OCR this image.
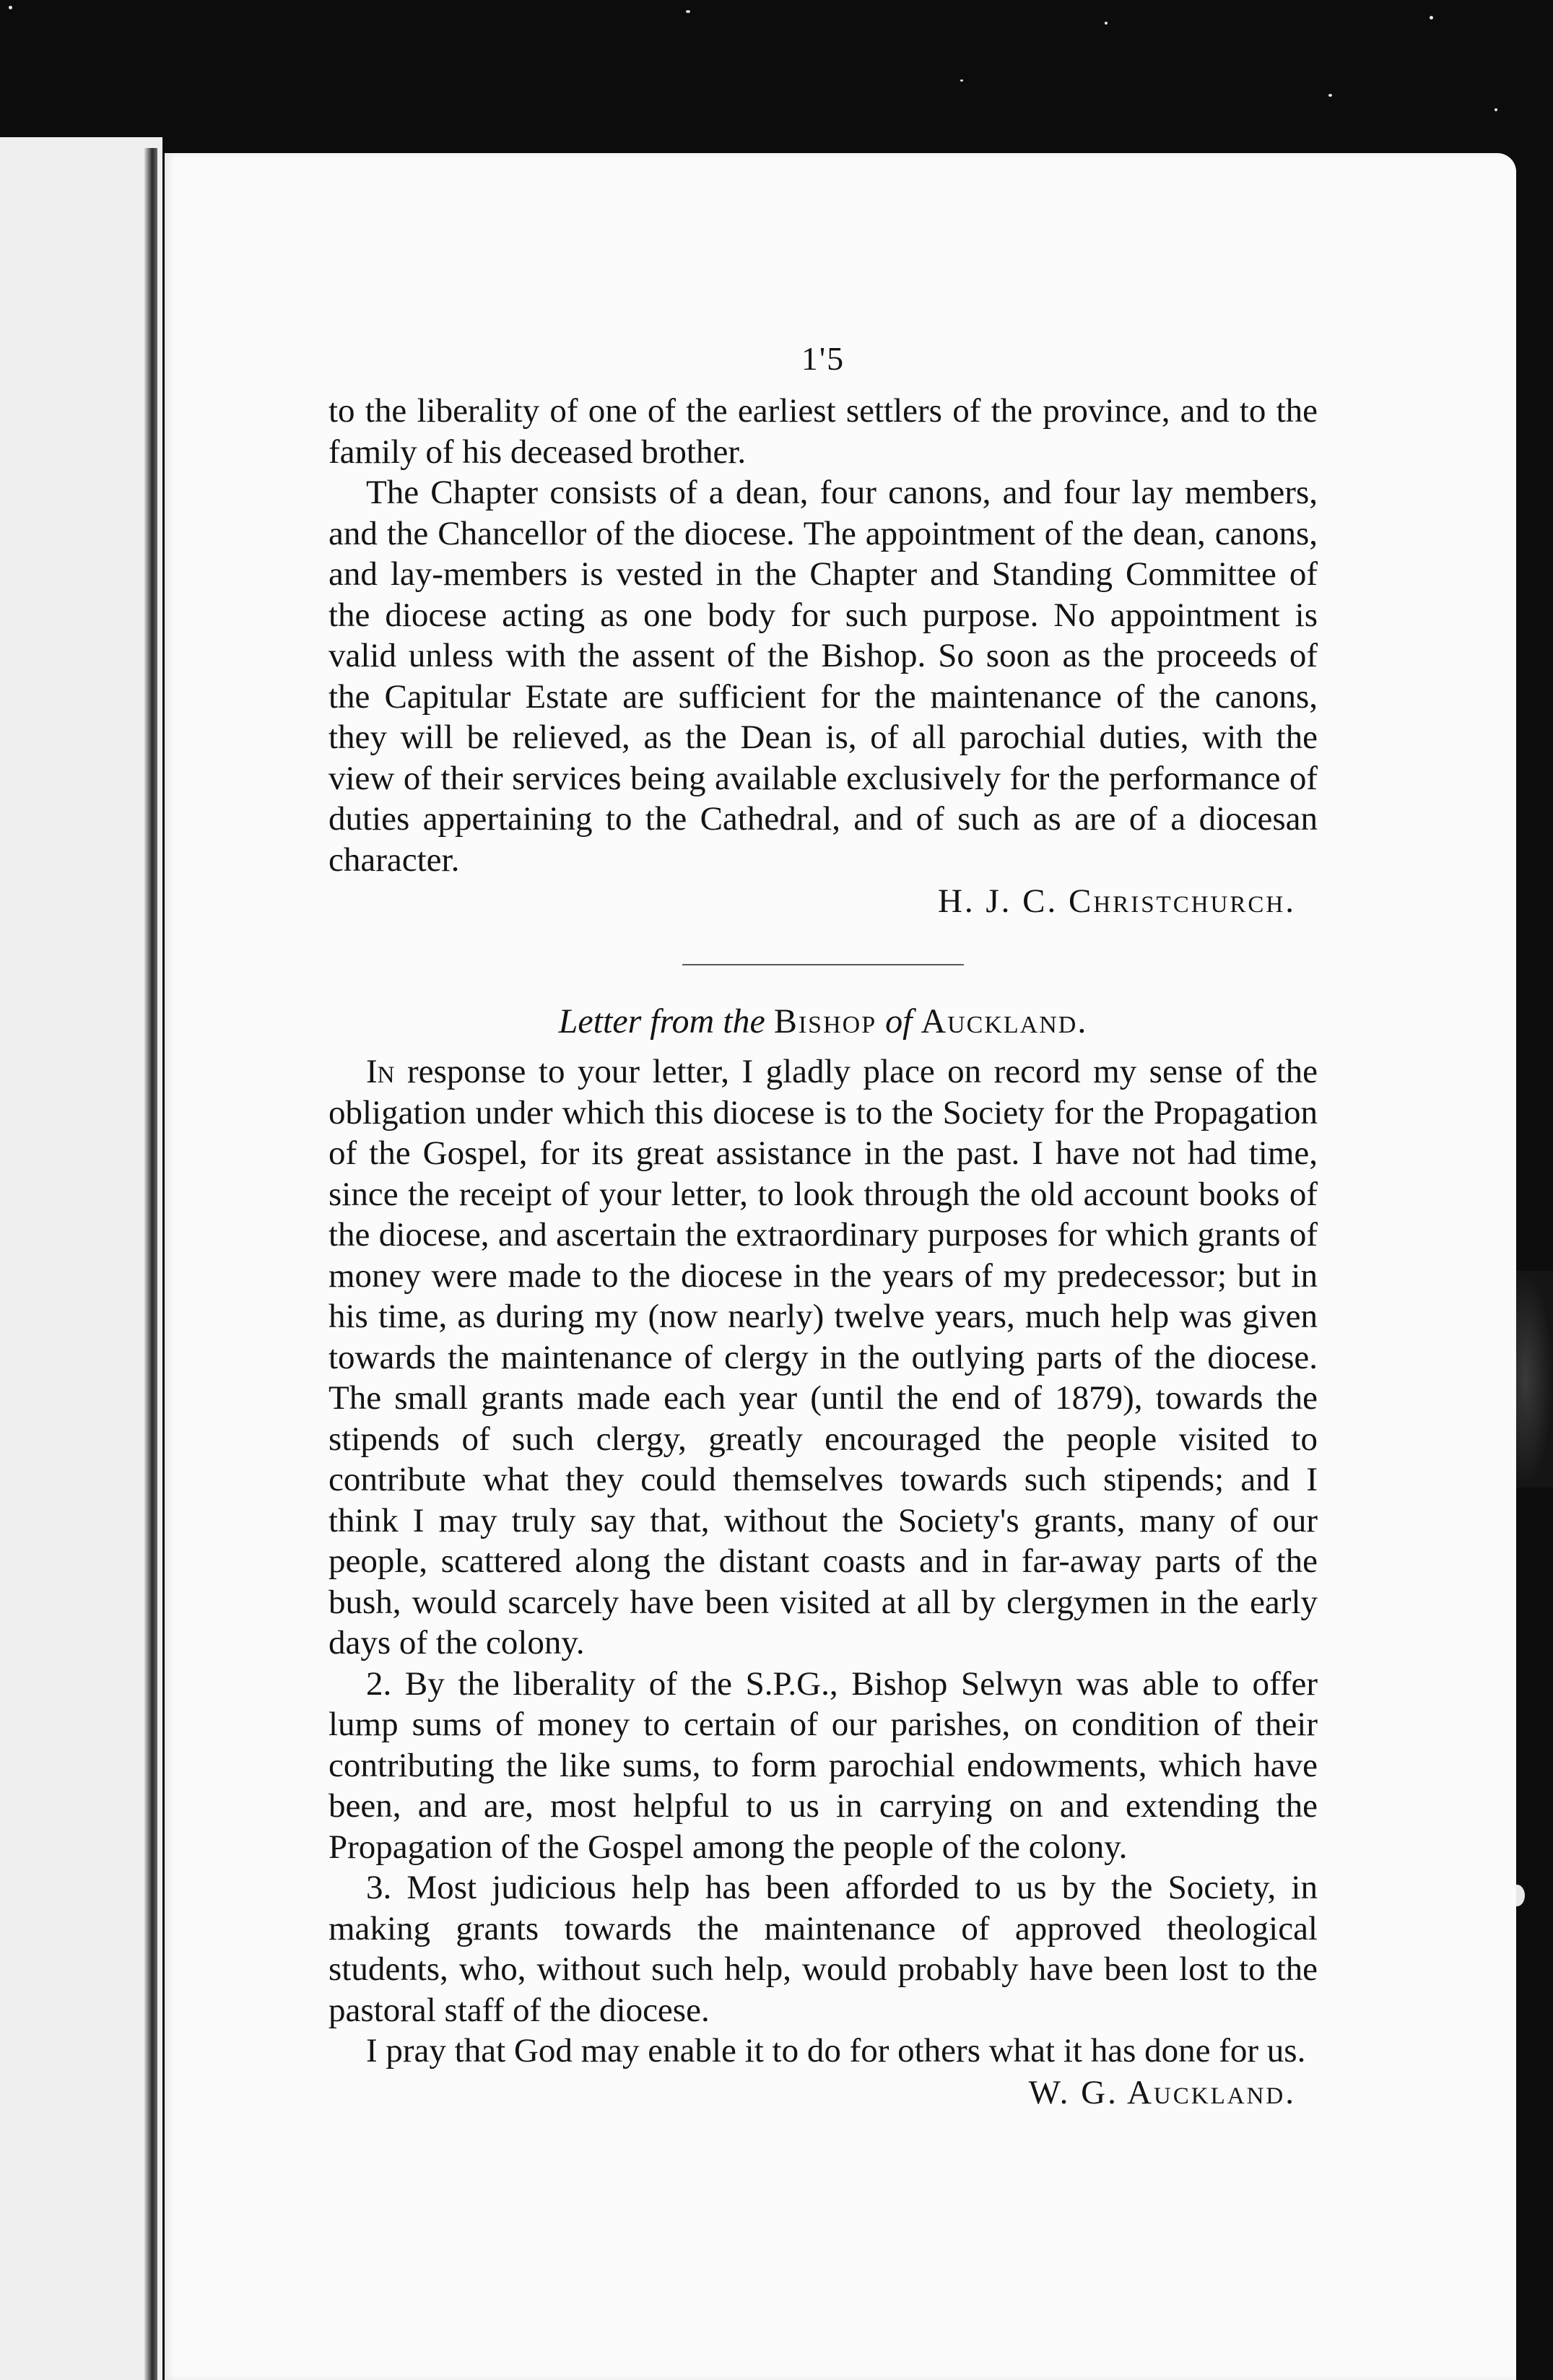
1'5

to the liberality of one of the earliest settlers of the province, and to the family of his deceased brother.

The Chapter consists of a dean, four canons, and four lay members, and the Chancellor of the diocese. The appointment of the dean, canons, and lay-members is vested in the Chapter and Standing Committee of the diocese acting as one body for such purpose. No appointment is valid unless with the assent of the Bishop. So soon as the proceeds of the Capitular Estate are sufficient for the maintenance of the canons, they will be relieved, as the Dean is, of all parochial duties, with the view of their services being available exclusively for the performance of duties appertaining to the Cathedral, and of such as are of a diocesan character.

H. J. C. Christchurch.
Letter from the Bishop of Auckland.

In response to your letter, I gladly place on record my sense of the obligation under which this diocese is to the Society for the Propagation of the Gospel, for its great assistance in the past. I have not had time, since the receipt of your letter, to look through the old account books of the diocese, and ascertain the extraordinary purposes for which grants of money were made to the diocese in the years of my predecessor; but in his time, as during my (now nearly) twelve years, much help was given towards the maintenance of clergy in the outlying parts of the diocese. The small grants made each year (until the end of 1879), towards the stipends of such clergy, greatly encouraged the people visited to contribute what they could themselves towards such stipends; and I think I may truly say that, without the Society's grants, many of our people, scattered along the distant coasts and in far-away parts of the bush, would scarcely have been visited at all by clergymen in the early days of the colony.

2. By the liberality of the S.P.G., Bishop Selwyn was able to offer lump sums of money to certain of our parishes, on condition of their contributing the like sums, to form parochial endowments, which have been, and are, most helpful to us in carrying on and extending the Propagation of the Gospel among the people of the colony.

3. Most judicious help has been afforded to us by the Society, in making grants towards the maintenance of approved theological students, who, without such help, would probably have been lost to the pastoral staff of the diocese.

I pray that God may enable it to do for others what it has done for us.

W. G. Auckland.
